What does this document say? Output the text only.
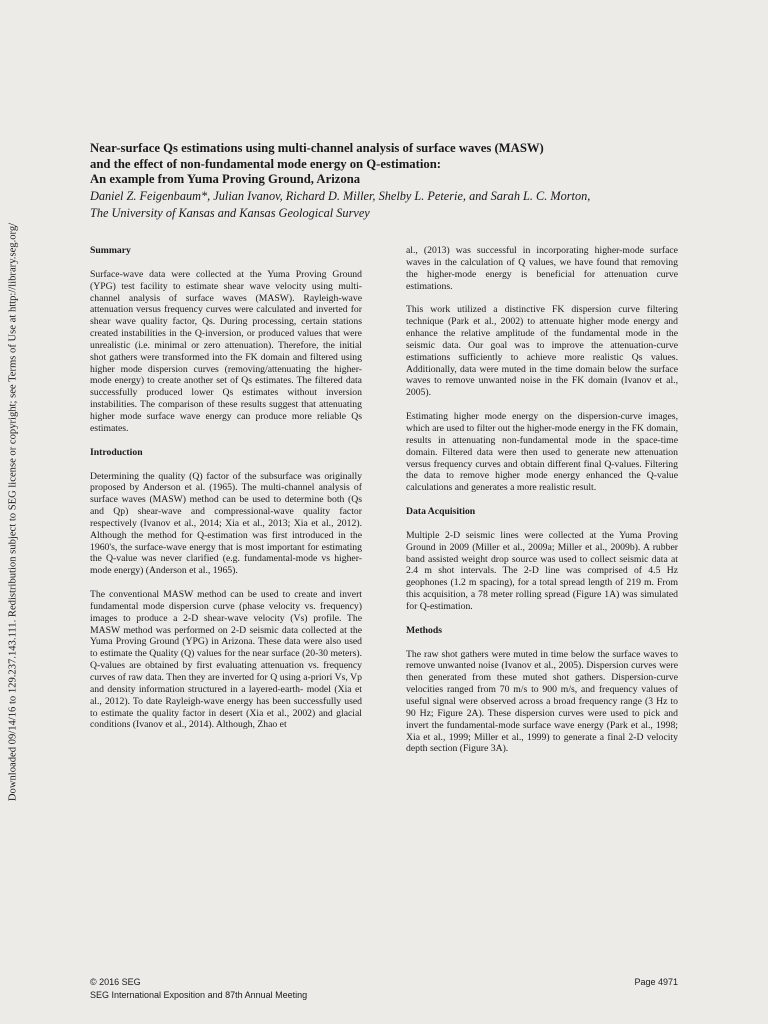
Downloaded 09/14/16 to 129.237.143.111. Redistribution subject to SEG license or copyright; see Terms of Use at http://library.seg.org/
Near-surface Qs estimations using multi-channel analysis of surface waves (MASW)
and the effect of non-fundamental mode energy on Q-estimation:
An example from Yuma Proving Ground, Arizona
Daniel Z. Feigenbaum*, Julian Ivanov, Richard D. Miller, Shelby L. Peterie, and Sarah L. C. Morton,
The University of Kansas and Kansas Geological Survey
Summary

Surface-wave data were collected at the Yuma Proving Ground (YPG) test facility to estimate shear wave velocity using multi-channel analysis of surface waves (MASW). Rayleigh-wave attenuation versus frequency curves were calculated and inverted for shear wave quality factor, Qs. During processing, certain stations created instabilities in the Q-inversion, or produced values that were unrealistic (i.e. minimal or zero attenuation). Therefore, the initial shot gathers were transformed into the FK domain and filtered using higher mode dispersion curves (removing/attenuating the higher-mode energy) to create another set of Qs estimates. The filtered data successfully produced lower Qs estimates without inversion instabilities. The comparison of these results suggest that attenuating higher mode surface wave energy can produce more reliable Qs estimates.

Introduction

Determining the quality (Q) factor of the subsurface was originally proposed by Anderson et al. (1965). The multi-channel analysis of surface waves (MASW) method can be used to determine both (Qs and Qp) shear-wave and compressional-wave quality factor respectively (Ivanov et al., 2014; Xia et al., 2013; Xia et al., 2012). Although the method for Q-estimation was first introduced in the 1960's, the surface-wave energy that is most important for estimating the Q-value was never clarified (e.g. fundamental-mode vs higher-mode energy) (Anderson et al., 1965).

The conventional MASW method can be used to create and invert fundamental mode dispersion curve (phase velocity vs. frequency) images to produce a 2-D shear-wave velocity (Vs) profile. The MASW method was performed on 2-D seismic data collected at the Yuma Proving Ground (YPG) in Arizona. These data were also used to estimate the Quality (Q) values for the near surface (20-30 meters). Q-values are obtained by first evaluating attenuation vs. frequency curves of raw data. Then they are inverted for Q using a-priori Vs, Vp and density information structured in a layered-earth- model (Xia et al., 2012). To date Rayleigh-wave energy has been successfully used to estimate the quality factor in desert (Xia et al., 2002) and glacial conditions (Ivanov et al., 2014). Although, Zhao et

al., (2013) was successful in incorporating higher-mode surface waves in the calculation of Q values, we have found that removing the higher-mode energy is beneficial for attenuation curve estimations.

This work utilized a distinctive FK dispersion curve filtering technique (Park et al., 2002) to attenuate higher mode energy and enhance the relative amplitude of the fundamental mode in the seismic data. Our goal was to improve the attenuation-curve estimations sufficiently to achieve more realistic Qs values. Additionally, data were muted in the time domain below the surface waves to remove unwanted noise in the FK domain (Ivanov et al., 2005).

Estimating higher mode energy on the dispersion-curve images, which are used to filter out the higher-mode energy in the FK domain, results in attenuating non-fundamental mode in the space-time domain. Filtered data were then used to generate new attenuation versus frequency curves and obtain different final Q-values. Filtering the data to remove higher mode energy enhanced the Q-value calculations and generates a more realistic result.

Data Acquisition

Multiple 2-D seismic lines were collected at the Yuma Proving Ground in 2009 (Miller et al., 2009a; Miller et al., 2009b). A rubber band assisted weight drop source was used to collect seismic data at 2.4 m shot intervals. The 2-D line was comprised of 4.5 Hz geophones (1.2 m spacing), for a total spread length of 219 m. From this acquisition, a 78 meter rolling spread (Figure 1A) was simulated for Q-estimation.

Methods

The raw shot gathers were muted in time below the surface waves to remove unwanted noise (Ivanov et al., 2005). Dispersion curves were then generated from these muted shot gathers. Dispersion-curve velocities ranged from 70 m/s to 900 m/s, and frequency values of useful signal were observed across a broad frequency range (3 Hz to 90 Hz; Figure 2A). These dispersion curves were used to pick and invert the fundamental-mode surface wave energy (Park et al., 1998; Xia et al., 1999; Miller et al., 1999) to generate a final 2-D velocity depth section (Figure 3A).

© 2016 SEG
SEG International Exposition and 87th Annual Meeting
Page 4971
